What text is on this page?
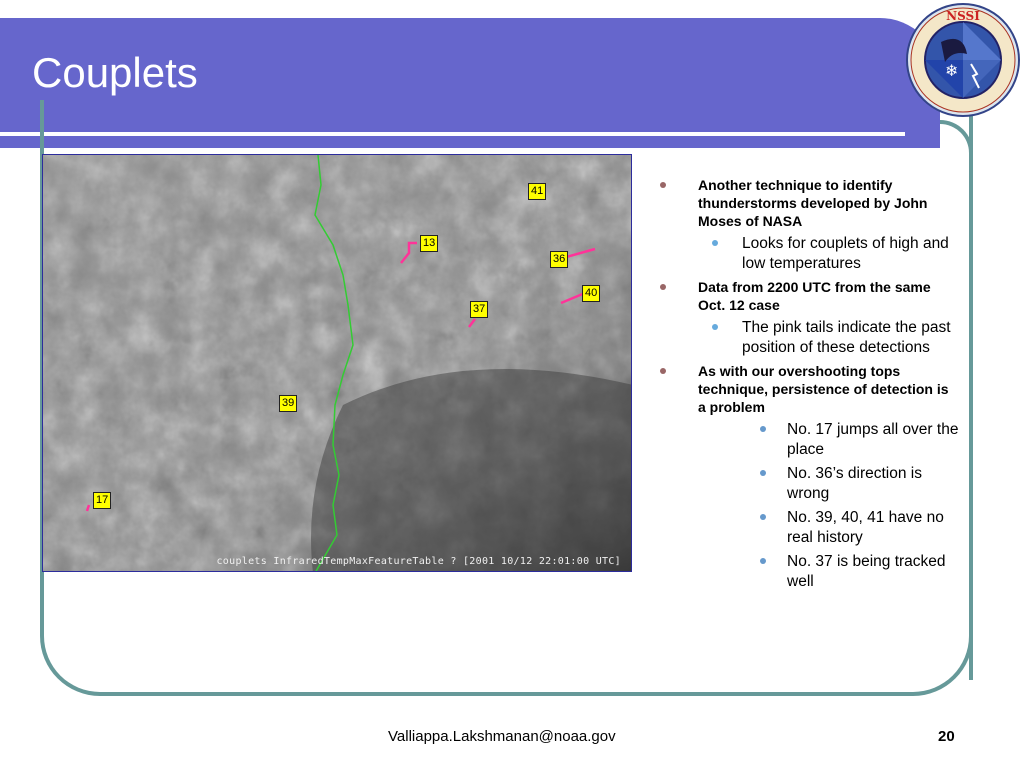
Couplets	❄
NSSI
41
13
36
40
37
39
17
couplets InfraredTempMaxFeatureTable ? [2001 10/12 22:01:00 UTC]
Another technique to identify thunderstorms developed by John Moses of NASA
Looks for couplets of high and low temperatures
Data from 2200 UTC from the same Oct. 12 case
The pink tails indicate the past position of these detections
As with our overshooting tops technique, persistence of detection is a problem
No. 17 jumps all over the place
No. 36’s direction is wrong
No. 39, 40, 41 have no real history
No. 37 is being tracked well
Valliappa.Lakshmanan@noaa.gov	20
